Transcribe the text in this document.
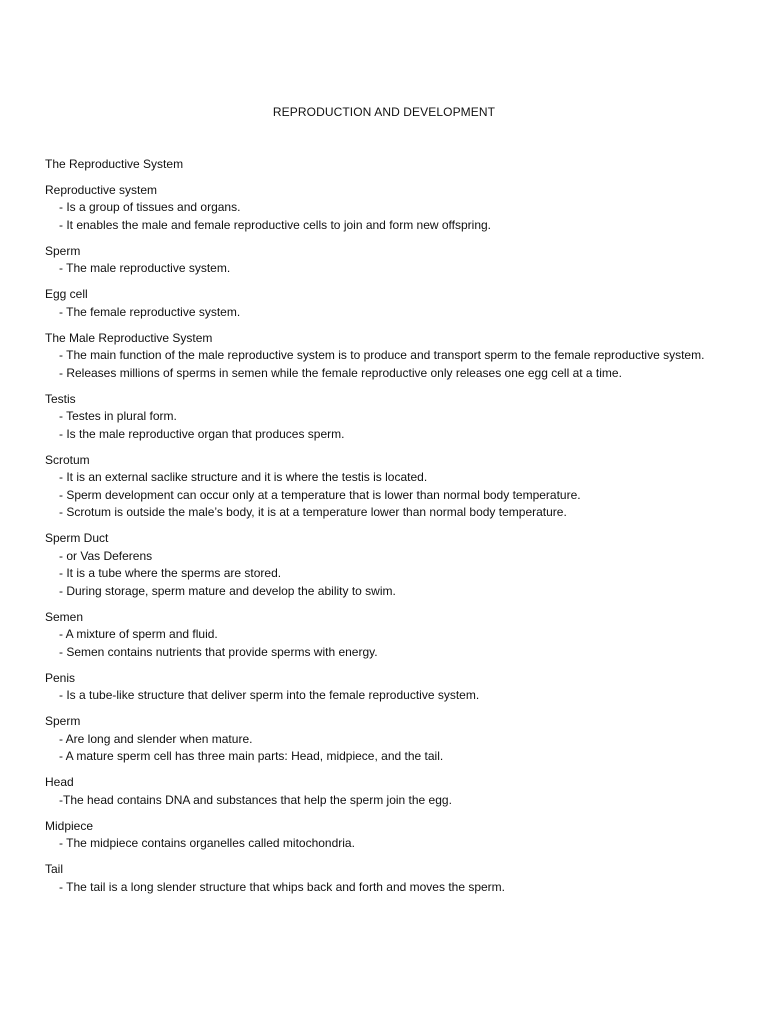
REPRODUCTION AND DEVELOPMENT
The Reproductive System
Reproductive system
- Is a group of tissues and organs.
- It enables the male and female reproductive cells to join and form new offspring.
Sperm
- The male reproductive system.
Egg cell
- The female reproductive system.
The Male Reproductive System
- The main function of the male reproductive system is to produce and transport sperm to the female reproductive system.
- Releases millions of sperms in semen while the female reproductive only releases one egg cell at a time.
Testis
- Testes in plural form.
- Is the male reproductive organ that produces sperm.
Scrotum
- It is an external saclike structure and it is where the testis is located.
- Sperm development can occur only at a temperature that is lower than normal body temperature.
- Scrotum is outside the male’s body, it is at a temperature lower than normal body temperature.
Sperm Duct
- or Vas Deferens
- It is a tube where the sperms are stored.
- During storage, sperm mature and develop the ability to swim.
Semen
- A mixture of sperm and fluid.
- Semen contains nutrients that provide sperms with energy.
Penis
- Is a tube-like structure that deliver sperm into the female reproductive system.
Sperm
- Are long and slender when mature.
- A mature sperm cell has three main parts: Head, midpiece, and the tail.
Head
-The head contains DNA and substances that help the sperm join the egg.
Midpiece
- The midpiece contains organelles called mitochondria.
Tail
- The tail is a long slender structure that whips back and forth and moves the sperm.
